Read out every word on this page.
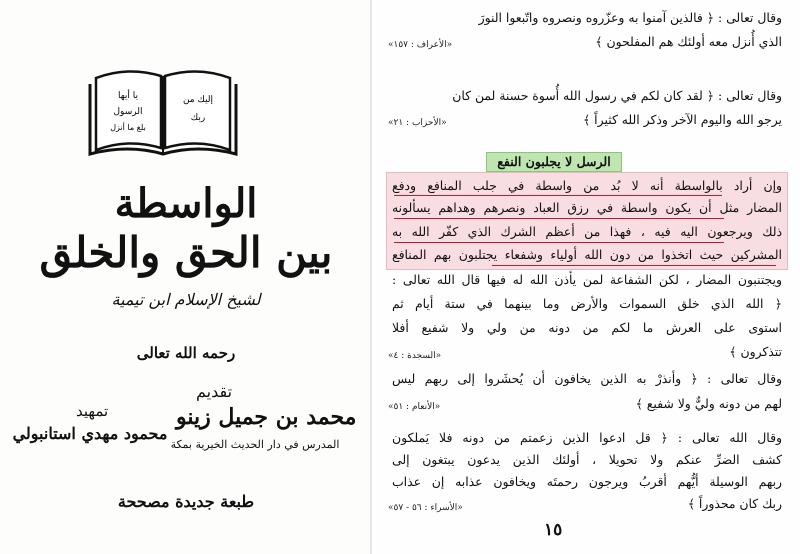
يا أيها
الرسول
بلغ ما أنزل
إليك من
ربك
الواسطة
بين الحق والخلق
لشيخ الإسلام ابن تيمية
رحمه الله تعالى
تقديم
محمد بن جميل زينو
المدرس في دار الحديث الخيرية بمكة
تمهيد
محمود مهدي استانبولي
طبعة جديدة مصححة
وقال تعالى : ﴿ فالذين آمنوا به وعزّروه ونصروه واتّبعوا النورَ
الذي أُنزل معه أولئك هم المفلحون ﴾
«الأعراف : ١٥٧»
وقال تعالى : ﴿ لقد كان لكم في رسول الله أُسوة حسنة لمن كان
يرجو الله واليوم الآخر وذكر الله كثيراً ﴾
«الأحزاب : ٢١»
الرسل لا يجلبون النفع
وإن أراد بالواسطة أنه لا بُد من واسطة في جلب المنافع ودفع
المضار مثل أن يكون واسطة في رزق العباد ونصرهم وهداهم يسألونه
ذلك ويرجعون اليه فيه ، فهذا من أعظم الشرك الذي كفّر الله به
المشركين حيث اتخذوا من دون الله أولياء وشفعاء يجتلبون بهم المنافع
ويجتنبون المضار ، لكن الشفاعة لمن يأذن الله له فيها قال الله تعالى :
﴿ الله الذي خلق السموات والأرض وما بينهما في ستة أيام ثم
استوى على العرش ما لكم من دونه من ولي ولا شفيع أفلا
تتذكرون ﴾
«السجدة : ٤»
وقال تعالى : ﴿ وأنذرْ به الذين يخافون أن يُحشَروا إلى ربهم ليس
لهم من دونه وليٌّ ولا شفيع ﴾
«الأنعام : ٥١»
وقال الله تعالى : ﴿ قل ادعوا الذين زعمتم من دونه فلا يَملكون
كشف الضرِّ عنكم ولا تحويلا ، أولئك الذين يدعون يبتغون إلى
ربهم الوسيلة أيُّهم أقربُ ويرجون رحمتَه ويخافون عذابه إن عذاب
ربك كان محذوراً ﴾
«الأسراء : ٥٦ - ٥٧»
١٥
